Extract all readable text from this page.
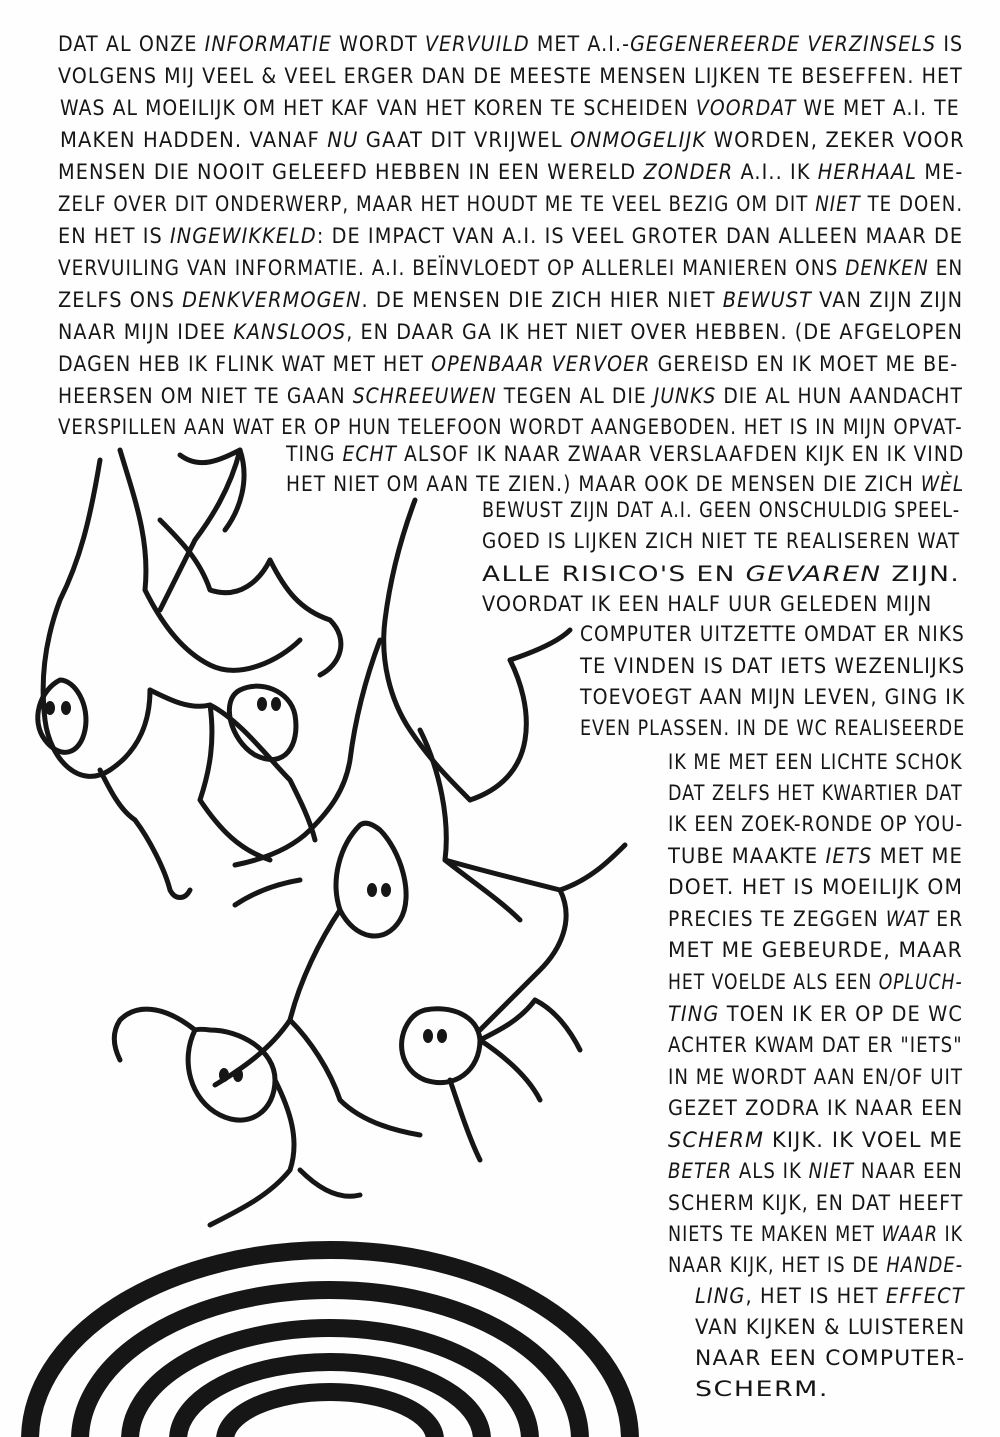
DAT AL ONZE INFORMATIE WORDT VERVUILD MET A.I.-GEGENEREERDE VERZINSELS IS
VOLGENS MIJ VEEL & VEEL ERGER DAN DE MEESTE MENSEN LIJKEN TE BESEFFEN. HET
WAS AL MOEILIJK OM HET KAF VAN HET KOREN TE SCHEIDEN VOORDAT WE MET A.I. TE
MAKEN HADDEN. VANAF NU GAAT DIT VRIJWEL ONMOGELIJK WORDEN, ZEKER VOOR
MENSEN DIE NOOIT GELEEFD HEBBEN IN EEN WERELD ZONDER A.I.. IK HERHAAL ME-
ZELF OVER DIT ONDERWERP, MAAR HET HOUDT ME TE VEEL BEZIG OM DIT NIET TE DOEN.
EN HET IS INGEWIKKELD: DE IMPACT VAN A.I. IS VEEL GROTER DAN ALLEEN MAAR DE
VERVUILING VAN INFORMATIE. A.I. BEÏNVLOEDT OP ALLERLEI MANIEREN ONS DENKEN EN
ZELFS ONS DENKVERMOGEN. DE MENSEN DIE ZICH HIER NIET BEWUST VAN ZIJN ZIJN
NAAR MIJN IDEE KANSLOOS, EN DAAR GA IK HET NIET OVER HEBBEN. (DE AFGELOPEN
DAGEN HEB IK FLINK WAT MET HET OPENBAAR VERVOER GEREISD EN IK MOET ME BE-
HEERSEN OM NIET TE GAAN SCHREEUWEN TEGEN AL DIE JUNKS DIE AL HUN AANDACHT
VERSPILLEN AAN WAT ER OP HUN TELEFOON WORDT AANGEBODEN. HET IS IN MIJN OPVAT-
TING ECHT ALSOF IK NAAR ZWAAR VERSLAAFDEN KIJK EN IK VIND
HET NIET OM AAN TE ZIEN.) MAAR OOK DE MENSEN DIE ZICH WÈL
BEWUST ZIJN DAT A.I. GEEN ONSCHULDIG SPEEL-
GOED IS LIJKEN ZICH NIET TE REALISEREN WAT
ALLE RISICO'S EN GEVAREN ZIJN.
VOORDAT IK EEN HALF UUR GELEDEN MIJN
COMPUTER UITZETTE OMDAT ER NIKS
TE VINDEN IS DAT IETS WEZENLIJKS
TOEVOEGT AAN MIJN LEVEN, GING IK
EVEN PLASSEN. IN DE WC REALISEERDE
IK ME MET EEN LICHTE SCHOK
DAT ZELFS HET KWARTIER DAT
IK EEN ZOEK-RONDE OP YOU-
TUBE MAAKTE IETS MET ME
DOET. HET IS MOEILIJK OM
PRECIES TE ZEGGEN WAT ER
MET ME GEBEURDE, MAAR
HET VOELDE ALS EEN OPLUCH-
TING TOEN IK ER OP DE WC
ACHTER KWAM DAT ER "IETS"
IN ME WORDT AAN EN/OF UIT
GEZET ZODRA IK NAAR EEN
SCHERM KIJK. IK VOEL ME
BETER ALS IK NIET NAAR EEN
SCHERM KIJK, EN DAT HEEFT
NIETS TE MAKEN MET WAAR IK
NAAR KIJK, HET IS DE HANDE-
LING, HET IS HET EFFECT
VAN KIJKEN & LUISTEREN
NAAR EEN COMPUTER-
SCHERM.
